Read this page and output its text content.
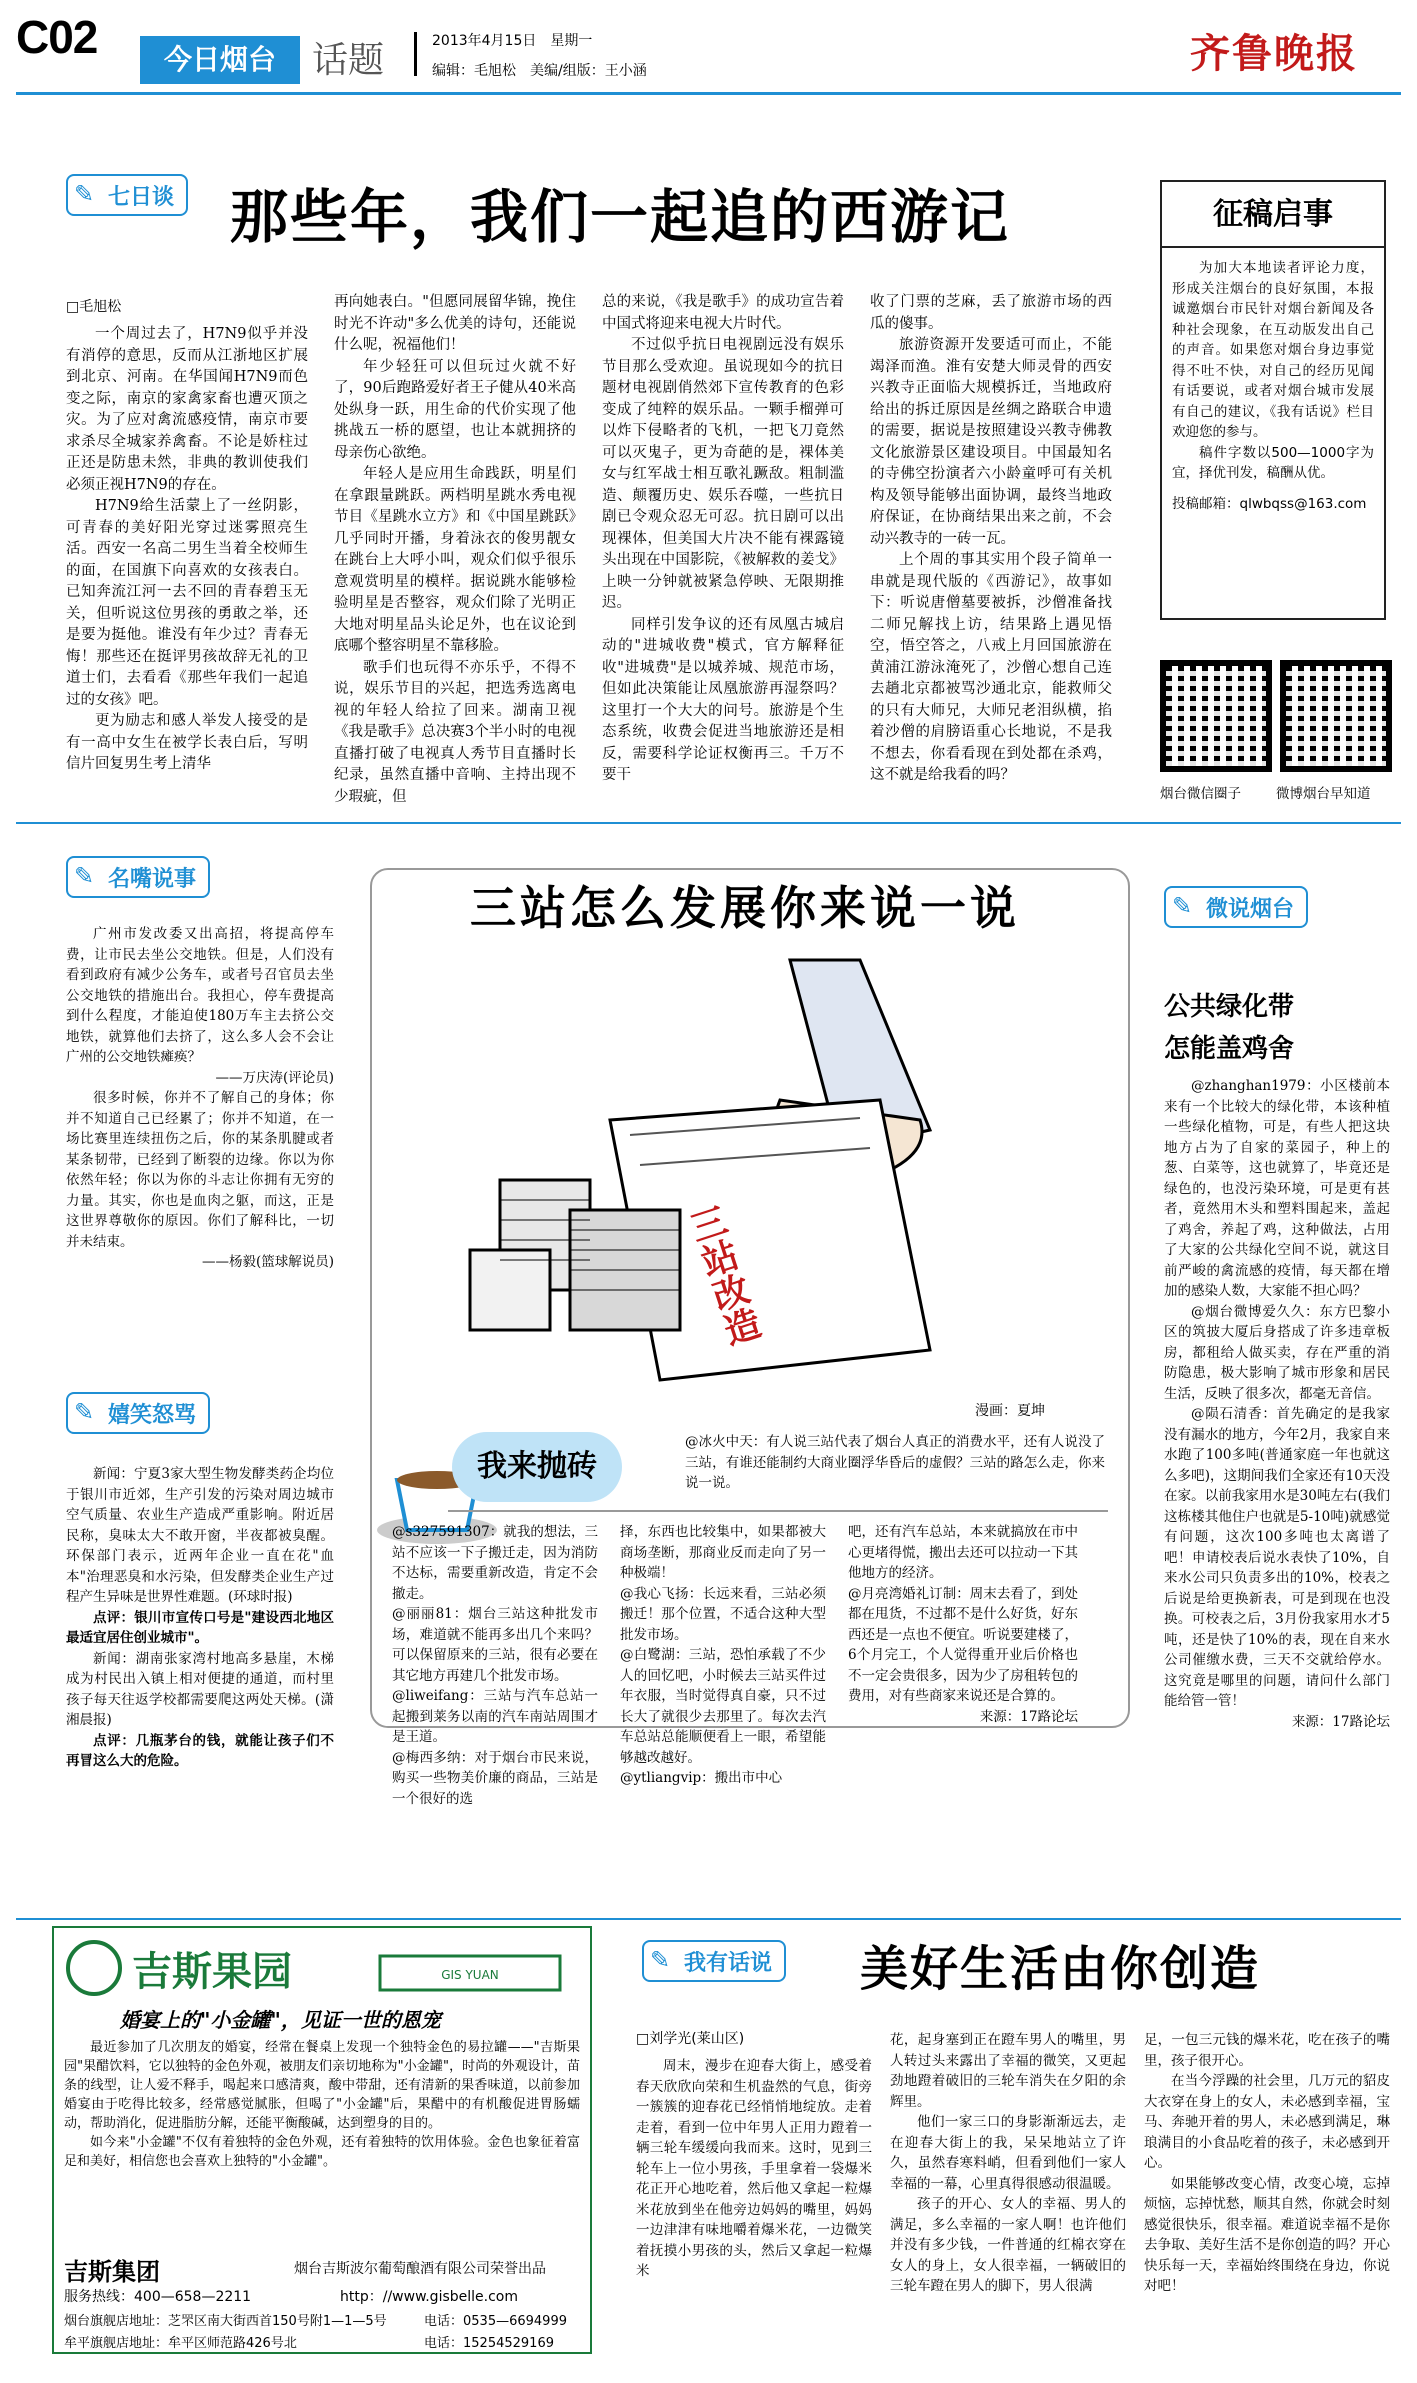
C02	今日烟台	话题	2013年4月15日　星期一
编辑：毛旭松　美编/组版：王小涵	齐鲁晚报
✎ 七日谈 那些年，我们一起追的西游记
□毛旭松

一个周过去了，H7N9似乎并没有消停的意思，反而从江浙地区扩展到北京、河南。在华国闻H7N9而色变之际，南京的家禽家畜也遭灭顶之灾。为了应对禽流感疫情，南京市要求杀尽全城家养禽畜。不论是娇柱过正还是防患未然，非典的教训使我们必须正视H7N9的存在。

H7N9给生活蒙上了一丝阴影，可青春的美好阳光穿过迷雾照亮生活。西安一名高二男生当着全校师生的面，在国旗下向喜欢的女孩表白。已知奔流江河一去不回的青春碧玉无关，但听说这位男孩的勇敢之举，还是要为挺他。谁没有年少过？青春无悔！那些还在挺评男孩故辞无礼的卫道士们，去看看《那些年我们一起追过的女孩》吧。

更为励志和感人举发人接受的是有一高中女生在被学长表白后，写明信片回复男生考上清华

再向她表白。"但愿同展留华锦，挽住时光不许动"多么优美的诗句，还能说什么呢，祝福他们！

年少轻狂可以但玩过火就不好了，90后跑路爱好者王子健从40米高处纵身一跃，用生命的代价实现了他挑战五一桥的愿望，也让本就拥挤的母亲伤心欲绝。

年轻人是应用生命践跃，明星们在拿跟量跳跃。两档明星跳水秀电视节目《星跳水立方》和《中国星跳跃》几乎同时开播，身着泳衣的俊男靓女在跳台上大呼小叫，观众们似乎很乐意观赏明星的模样。据说跳水能够检验明星是否整容，观众们除了光明正大地对明星品头论足外，也在议论到底哪个整容明星不靠移脸。

歌手们也玩得不亦乐乎，不得不说，娱乐节目的兴起，把选秀选离电视的年轻人给拉了回来。湖南卫视《我是歌手》总决赛3个半小时的电视直播打破了电视真人秀节目直播时长纪录，虽然直播中音响、主持出现不少瑕疵，但

总的来说，《我是歌手》的成功宣告着中国式将迎来电视大片时代。

不过似乎抗日电视剧远没有娱乐节目那么受欢迎。虽说现如今的抗日题材电视剧俏然郊下宣传教育的色彩变成了纯粹的娱乐品。一颗手榴弹可以炸下侵略者的飞机，一把飞刀竟然可以灭鬼子，更为奇葩的是，裸体美女与红军战士相互歌礼蹶敌。粗制滥造、颠覆历史、娱乐吞噬，一些抗日剧已令观众忍无可忍。抗日剧可以出现裸体，但美国大片决不能有裸露镜头出现在中国影院，《被解救的姜戈》上映一分钟就被紧急停映、无限期推迟。

同样引发争议的还有凤凰古城启动的"进城收费"模式，官方解释征收"进城费"是以城养城、规范市场，但如此决策能让凤凰旅游再湿祭吗？这里打一个大大的问号。旅游是个生态系统，收费会促进当地旅游还是相反，需要科学论证权衡再三。千万不要干

收了门票的芝麻，丢了旅游市场的西瓜的傻事。

旅游资源开发要适可而止，不能竭泽而渔。淮有安楚大师灵骨的西安兴教寺正面临大规模拆迁，当地政府给出的拆迁原因是丝绸之路联合申遗的需要，据说是按照建设兴教寺佛教文化旅游景区建设项目。中国最知名的寺佛空扮演者六小龄童呼可有关机构及领导能够出面协调，最终当地政府保证，在协商结果出来之前，不会动兴教寺的一砖一瓦。

上个周的事其实用个段子简单一串就是现代版的《西游记》，故事如下：听说唐僧墓要被拆，沙僧准备找二师兄解找上访，结果路上遇见悟空，悟空答之，八戒上月回国旅游在黄浦江游泳淹死了，沙僧心想自己连去趟北京都被骂沙通北京，能救师父的只有大师兄，大师兄老泪纵横，掐着沙僧的肩膀语重心长地说，不是我不想去，你看看现在到处都在杀鸡，这不就是给我看的吗？

征稿启事

为加大本地读者评论力度，形成关注烟台的良好氛围，本报诚邀烟台市民针对烟台新闻及各种社会现象，在互动版发出自己的声音。如果您对烟台身边事觉得不吐不快，对自己的经历见闻有话要说，或者对烟台城市发展有自己的建议，《我有话说》栏目欢迎您的参与。

稿件字数以500—1000字为宜，择优刊发，稿酬从优。

投稿邮箱：qlwbqss@163.com

烟台微信圈子	微博烟台早知道
✎ 名嘴说事

广州市发改委又出高招，将提高停车费，让市民去坐公交地铁。但是，人们没有看到政府有减少公务车，或者号召官员去坐公交地铁的措施出台。我担心，停车费提高到什么程度，才能迫使180万车主去挤公交地铁，就算他们去挤了，这么多人会不会让广州的公交地铁瘫痪？

——万庆涛(评论员)

很多时候，你并不了解自己的身体；你并不知道自己已经累了；你并不知道，在一场比赛里连续扭伤之后，你的某条肌腱或者某条韧带，已经到了断裂的边缘。你以为你依然年轻；你以为你的斗志让你拥有无穷的力量。其实，你也是血肉之躯，而这，正是这世界尊敬你的原因。你们了解科比，一切并未结束。

——杨毅(篮球解说员)

✎ 嬉笑怒骂

新闻：宁夏3家大型生物发酵类药企均位于银川市近郊，生产引发的污染对周边城市空气质量、农业生产造成严重影响。附近居民称，臭味太大不敢开窗，半夜都被臭醒。环保部门表示，近两年企业一直在花"血本"治理恶臭和水污染，但发酵类企业生产过程产生异味是世界性难题。(环球时报)

点评：银川市宣传口号是"建设西北地区最适宜居住创业城市"。

新闻：湖南张家湾村地高多悬崖，木梯成为村民出入镇上相对便捷的通道，而村里孩子每天往返学校都需要爬这两处天梯。(潇湘晨报)

点评：几瓶茅台的钱，就能让孩子们不再冒这么大的危险。

三站怎么发展你来说一说
三站改造
漫画：夏坤
我来抛砖

@冰火中天：有人说三站代表了烟台人真正的消费水平，还有人说没了三站，有谁还能制约大商业圈浮华昏后的虚假？三站的路怎么走，你来说一说。

@s327591307：就我的想法，三站不应该一下子搬迁走，因为消防不达标，需要重新改造，肯定不会撤走。

@丽丽81：烟台三站这种批发市场，难道就不能再多出几个来吗？可以保留原来的三站，很有必要在其它地方再建几个批发市场。

@liweifang：三站与汽车总站一起搬到莱务以南的汽车南站周围才是王道。

@梅西多纳：对于烟台市民来说，购买一些物美价廉的商品，三站是一个很好的选

择，东西也比较集中，如果都被大商场垄断，那商业反而走向了另一种极端！

@我心飞扬：长远来看，三站必须搬迁！那个位置，不适合这种大型批发市场。

@白鹭湖：三站，恐怕承载了不少人的回忆吧，小时候去三站买件过年衣服，当时觉得真自豪，只不过长大了就很少去那里了。每次去汽车总站总能顺便看上一眼，希望能够越改越好。

@ytliangvip：搬出市中心

吧，还有汽车总站，本来就搞放在市中心更堵得慌，搬出去还可以拉动一下其他地方的经济。

@月亮湾婚礼订制：周末去看了，到处都在甩货，不过都不是什么好货，好东西还是一点也不便宜。听说要建楼了，6个月完工，个人觉得重开业后价格也不一定会贵很多，因为少了房租转包的费用，对有些商家来说还是合算的。

来源：17路论坛

✎ 微说烟台
公共绿化带
怎能盖鸡舍

@zhanghan1979：小区楼前本来有一个比较大的绿化带，本该种植一些绿化植物，可是，有些人把这块地方占为了自家的菜园子，种上的葱、白菜等，这也就算了，毕竟还是绿色的，也没污染环境，可是更有甚者，竟然用木头和塑料围起来，盖起了鸡舍，养起了鸡，这种做法，占用了大家的公共绿化空间不说，就这目前严峻的禽流感的疫情，每天都在增加的感染人数，大家能不担心吗？

@烟台微博爱久久：东方巴黎小区的筑披大厦后身搭成了许多违章板房，都租给人做买卖，存在严重的消防隐患，极大影响了城市形象和居民生活，反映了很多次，都毫无音信。

@陨石清香：首先确定的是我家没有漏水的地方，今年2月，我家自来水跑了100多吨(普通家庭一年也就这么多吧)，这期间我们全家还有10天没在家。以前我家用水是30吨左右(我们这栋楼其他住户也就是5-10吨)就感觉有问题，这次100多吨也太离谱了吧！申请校表后说水表快了10%，自来水公司只负责多出的10%，校表之后说是给更换新表，可是到现在也没换。可校表之后，3月份我家用水才5吨，还是快了10%的表，现在自来水公司催缴水费，三天不交就给停水。这究竟是哪里的问题，请问什么部门能给管一管！

来源：17路论坛

吉斯果园	GIS YUAN
婚宴上的"小金罐"，见证一世的恩宠

最近参加了几次朋友的婚宴，经常在餐桌上发现一个独特金色的易拉罐——"吉斯果园"果醋饮料，它以独特的金色外观，被朋友们亲切地称为"小金罐"，时尚的外观设计，苗条的线型，让人爱不释手，喝起来口感清爽，酸中带甜，还有清新的果香味道，以前参加婚宴由于吃得比较多，经常感觉腻胀，但喝了"小金罐"后，果醋中的有机酸促进胃肠蠕动，帮助消化，促进脂肪分解，还能平衡酸碱，达到塑身的目的。

如今来"小金罐"不仅有着独特的金色外观，还有着独特的饮用体验。金色也象征着富足和美好，相信您也会喜欢上独特的"小金罐"。

吉斯集团	烟台吉斯波尔葡萄酿酒有限公司荣誉出品
服务热线：400—658—2211	http：//www.gisbelle.com
烟台旗舰店地址：芝罘区南大街西首150号附1—1—5号	电话：0535—6694999
牟平旗舰店地址：牟平区师范路426号北	电话：15254529169
✎ 我有话说 美好生活由你创造
□刘学光(莱山区)

周末，漫步在迎春大街上，感受着春天欣欣向荣和生机盎然的气息，街旁一簇簇的迎春花已经悄悄地绽放。走着走着，看到一位中年男人正用力蹬着一辆三轮车缓缓向我而来。这时，见到三轮车上一位小男孩，手里拿着一袋爆米花正开心地吃着，然后他又拿起一粒爆米花放到坐在他旁边妈妈的嘴里，妈妈一边津津有味地嚼着爆米花，一边微笑着抚摸小男孩的头，然后又拿起一粒爆米

花，起身塞到正在蹬车男人的嘴里，男人转过头来露出了幸福的微笑，又更起劲地蹬着破旧的三轮车消失在夕阳的余辉里。

他们一家三口的身影渐渐远去，走在迎春大街上的我，呆呆地站立了许久，虽然春寒料峭，但看到他们一家人幸福的一幕，心里真得很感动很温暖。

孩子的开心、女人的幸福、男人的满足，多么幸福的一家人啊！也许他们并没有多少钱，一件普通的红棉衣穿在女人的身上，女人很幸福，一辆破旧的三轮车蹬在男人的脚下，男人很满

足，一包三元钱的爆米花，吃在孩子的嘴里，孩子很开心。

在当今浮躁的社会里，几万元的貂皮大衣穿在身上的女人，未必感到幸福，宝马、奔驰开着的男人，未必感到满足，琳琅满目的小食品吃着的孩子，未必感到开心。

如果能够改变心情，改变心境，忘掉烦恼，忘掉忧愁，顺其自然，你就会时刻感觉很快乐，很幸福。难道说幸福不是你去争取、美好生活不是你创造的吗？开心快乐每一天，幸福始终围绕在身边，你说对吧！
